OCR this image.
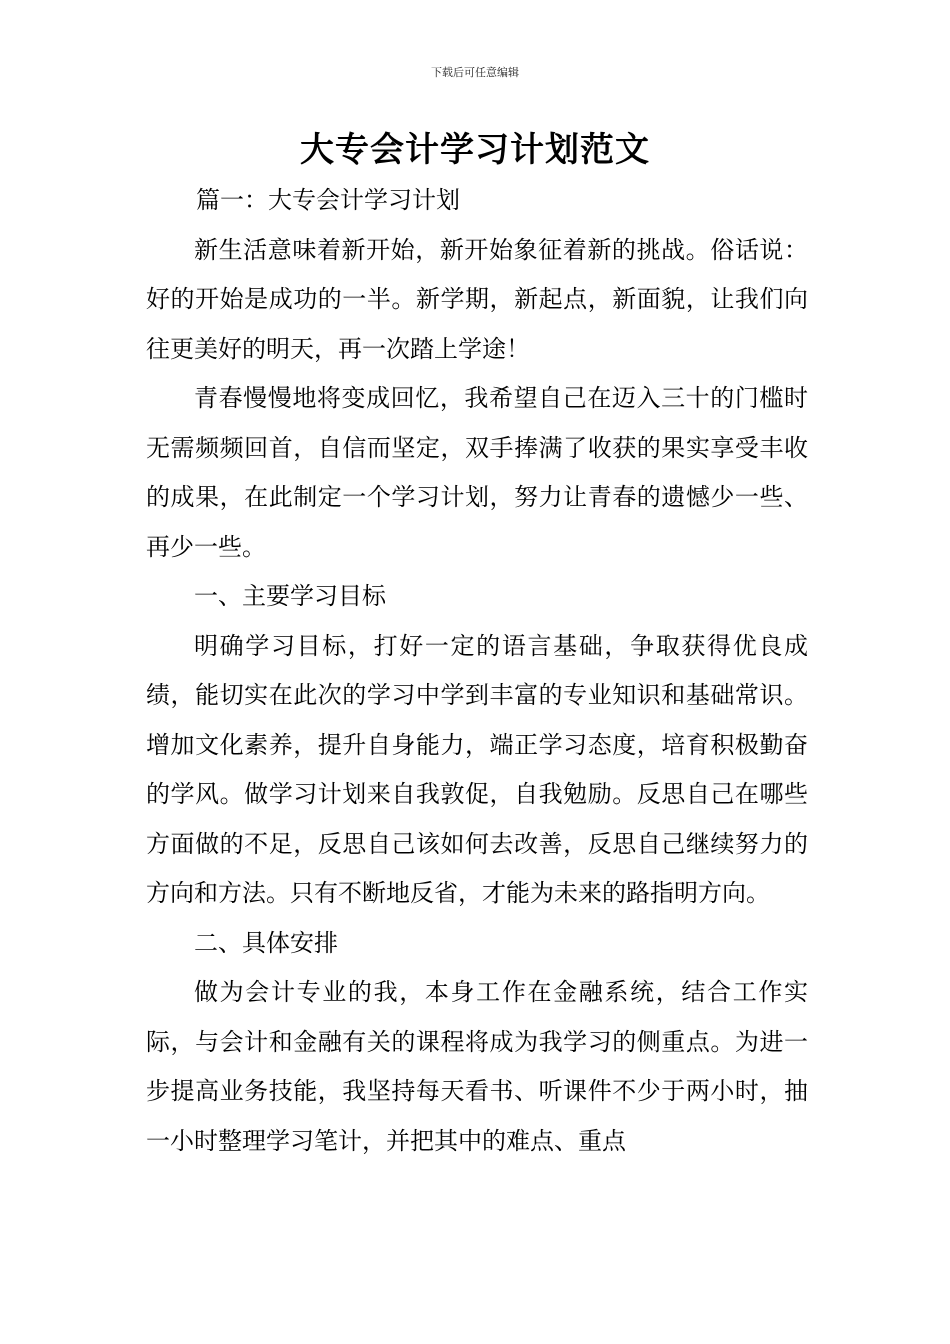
下载后可任意编辑
大专会计学习计划范文

篇一：大专会计学习计划

新生活意味着新开始，新开始象征着新的挑战。俗话说：好的开始是成功的一半。新学期，新起点，新面貌，让我们向往更美好的明天，再一次踏上学途！

青春慢慢地将变成回忆，我希望自己在迈入三十的门槛时无需频频回首，自信而坚定，双手捧满了收获的果实享受丰收的成果，在此制定一个学习计划，努力让青春的遗憾少一些、再少一些。

一、主要学习目标

明确学习目标，打好一定的语言基础，争取获得优良成绩，能切实在此次的学习中学到丰富的专业知识和基础常识。增加文化素养，提升自身能力，端正学习态度，培育积极勤奋的学风。做学习计划来自我敦促，自我勉励。反思自己在哪些方面做的不足，反思自己该如何去改善，反思自己继续努力的方向和方法。只有不断地反省，才能为未来的路指明方向。

二、具体安排

做为会计专业的我，本身工作在金融系统，结合工作实际，与会计和金融有关的课程将成为我学习的侧重点。为进一步提高业务技能，我坚持每天看书、听课件不少于两小时，抽一小时整理学习笔计，并把其中的难点、重点
